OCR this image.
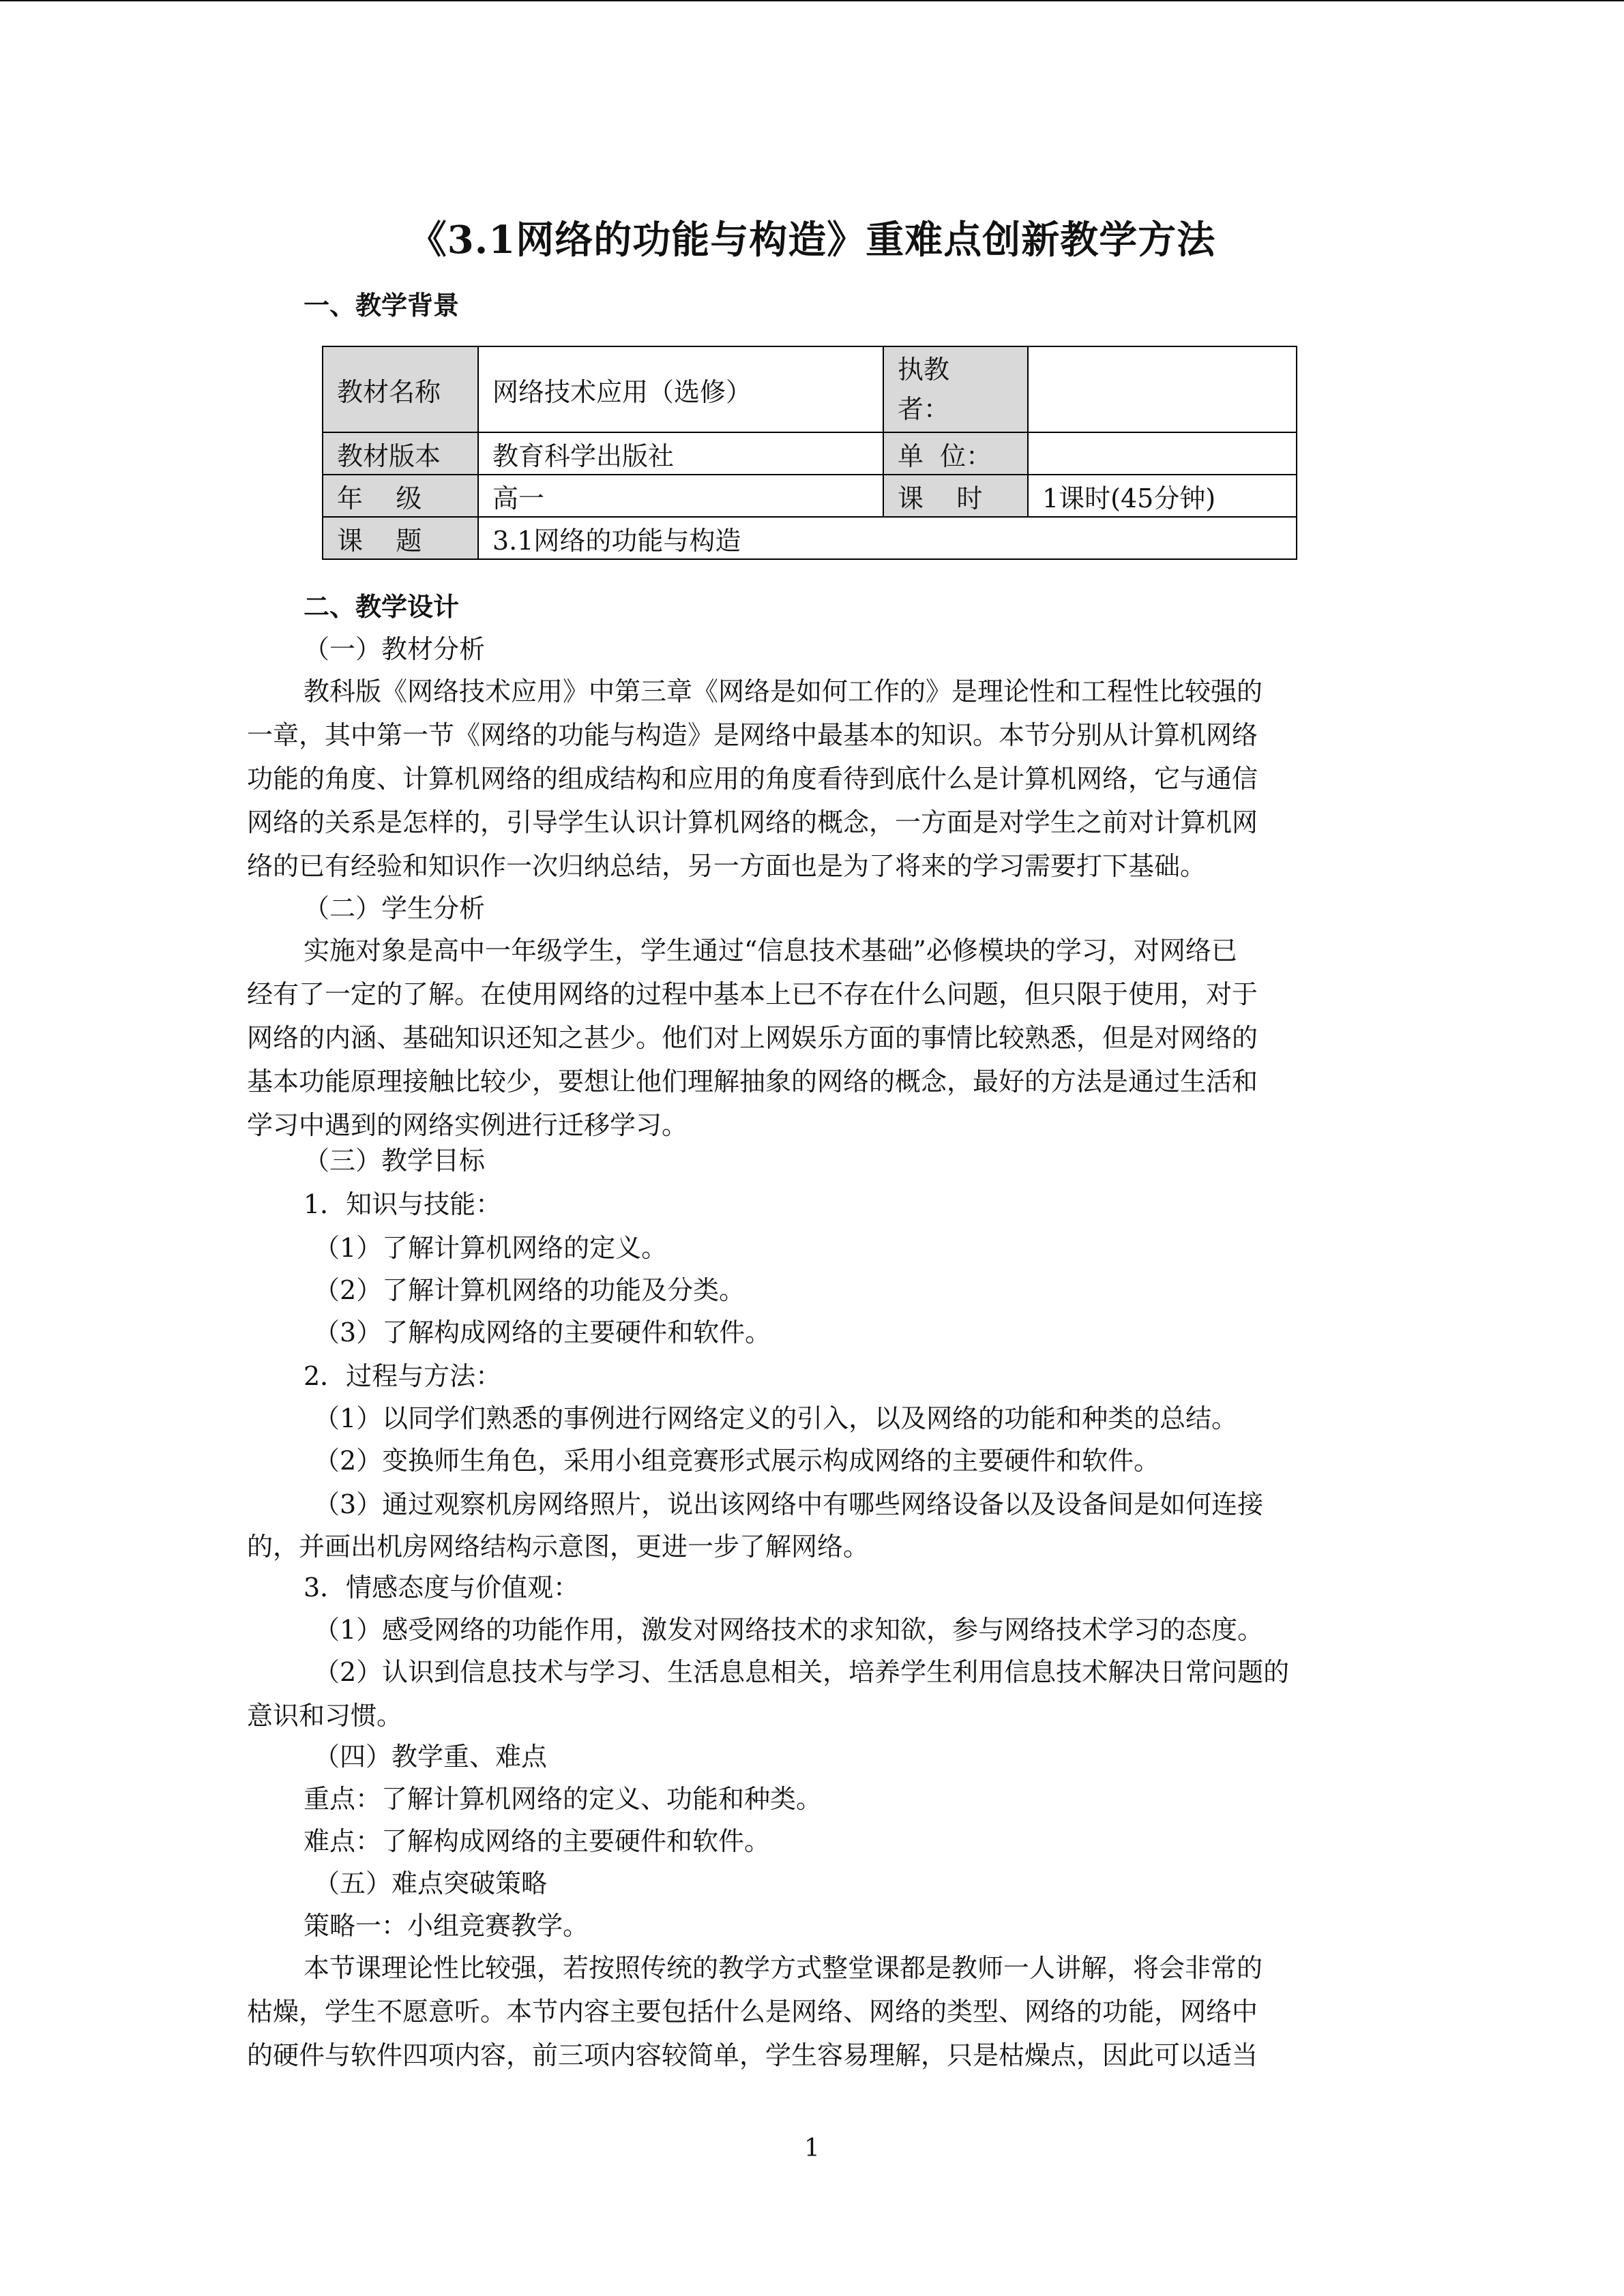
《3.1网络的功能与构造》重难点创新教学方法
一、教学背景
教材名称	网络技术应用（选修）	执教者：	
教材版本	教育科学出版社	单  位：	
年    级	高一	课    时	1课时(45分钟)
课    题	3.1网络的功能与构造		
二、教学设计
（一）教材分析
教科版《网络技术应用》中第三章《网络是如何工作的》是理论性和工程性比较强的
一章，其中第一节《网络的功能与构造》是网络中最基本的知识。本节分别从计算机网络
功能的角度、计算机网络的组成结构和应用的角度看待到底什么是计算机网络，它与通信
网络的关系是怎样的，引导学生认识计算机网络的概念，一方面是对学生之前对计算机网
络的已有经验和知识作一次归纳总结，另一方面也是为了将来的学习需要打下基础。
（二）学生分析
实施对象是高中一年级学生，学生通过“信息技术基础”必修模块的学习，对网络已
经有了一定的了解。在使用网络的过程中基本上已不存在什么问题，但只限于使用，对于
网络的内涵、基础知识还知之甚少。他们对上网娱乐方面的事情比较熟悉，但是对网络的
基本功能原理接触比较少，要想让他们理解抽象的网络的概念，最好的方法是通过生活和
学习中遇到的网络实例进行迁移学习。
（三）教学目标
1．知识与技能：
（1）了解计算机网络的定义。
（2）了解计算机网络的功能及分类。
（3）了解构成网络的主要硬件和软件。
2．过程与方法：
（1）以同学们熟悉的事例进行网络定义的引入，以及网络的功能和种类的总结。
（2）变换师生角色，采用小组竞赛形式展示构成网络的主要硬件和软件。
（3）通过观察机房网络照片，说出该网络中有哪些网络设备以及设备间是如何连接
的，并画出机房网络结构示意图，更进一步了解网络。
3．情感态度与价值观：
（1）感受网络的功能作用，激发对网络技术的求知欲，参与网络技术学习的态度。
（2）认识到信息技术与学习、生活息息相关，培养学生利用信息技术解决日常问题的
意识和习惯。
（四）教学重、难点
重点：了解计算机网络的定义、功能和种类。
难点：了解构成网络的主要硬件和软件。
（五）难点突破策略
策略一：小组竞赛教学。
本节课理论性比较强，若按照传统的教学方式整堂课都是教师一人讲解，将会非常的
枯燥，学生不愿意听。本节内容主要包括什么是网络、网络的类型、网络的功能，网络中
的硬件与软件四项内容，前三项内容较简单，学生容易理解，只是枯燥点，因此可以适当
1
